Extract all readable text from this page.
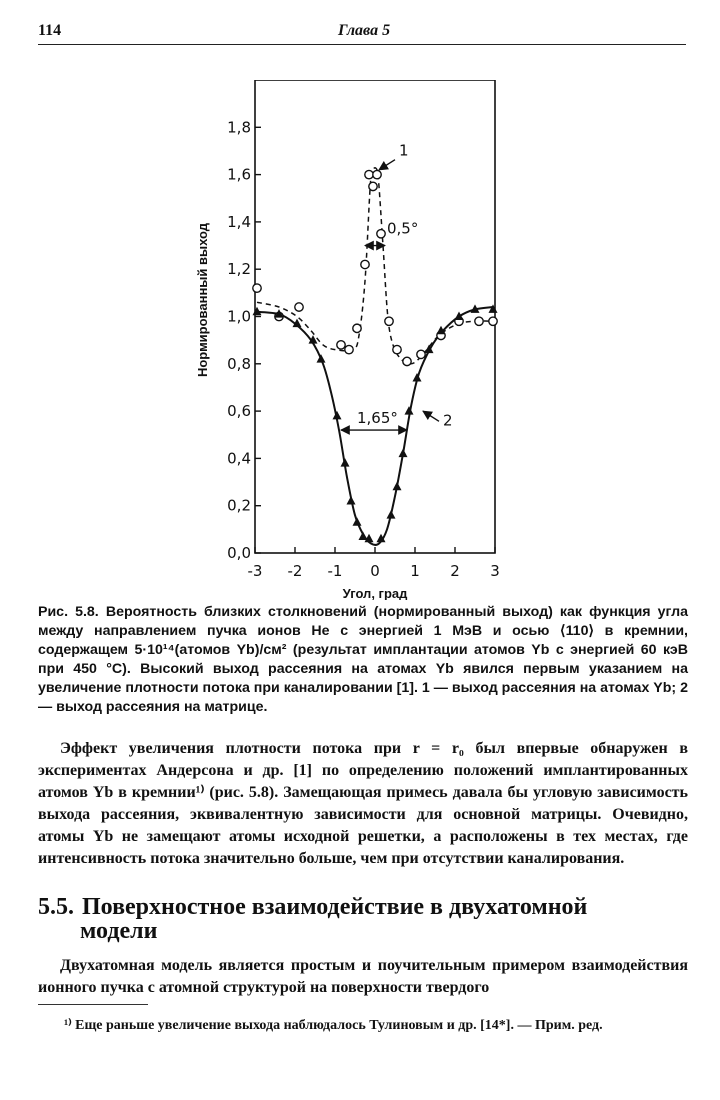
114	Глава 5
0,0
0,2
0,4
0,6
0,8
1,0
1,2
1,4
1,6
1,8
-3 -2 -1 0 1 2 3
1
0,5°
1,65°	2
Угол, град
Нормированный выход
Рис. 5.8. Вероятность близких столкновений (нормированный выход) как функция угла между направлением пучка ионов He с энергией 1 МэВ и осью ⟨110⟩ в кремнии, содержащем 5·10¹⁴(атомов Yb)/см² (результат имплантации атомов Yb с энергией 60 кэВ при 450 °C). Высокий выход рассеяния на атомах Yb явился первым указанием на увеличение плотности потока при каналировании [1]. 1 — выход рассеяния на атомах Yb; 2 — выход рассеяния на матрице.
Эффект увеличения плотности потока при r = r₀ был впервые обнаружен в экспериментах Андерсона и др. [1] по определению положений имплантированных атомов Yb в кремнии¹⁾ (рис. 5.8). Замещающая примесь давала бы угловую зависимость выхода рассеяния, эквивалентную зависимости для основной матрицы. Очевидно, атомы Yb не замещают атомы исходной решетки, а расположены в тех местах, где интенсивность потока значительно больше, чем при отсутствии каналирования.
5.5. Поверхностное взаимодействие в двухатомной
модели
Двухатомная модель является простым и поучительным примером взаимодействия ионного пучка с атомной структурой на поверхности твердого
¹⁾ Еще раньше увеличение выхода наблюдалось Тулиновым и др. [14*]. — Прим. ред.
